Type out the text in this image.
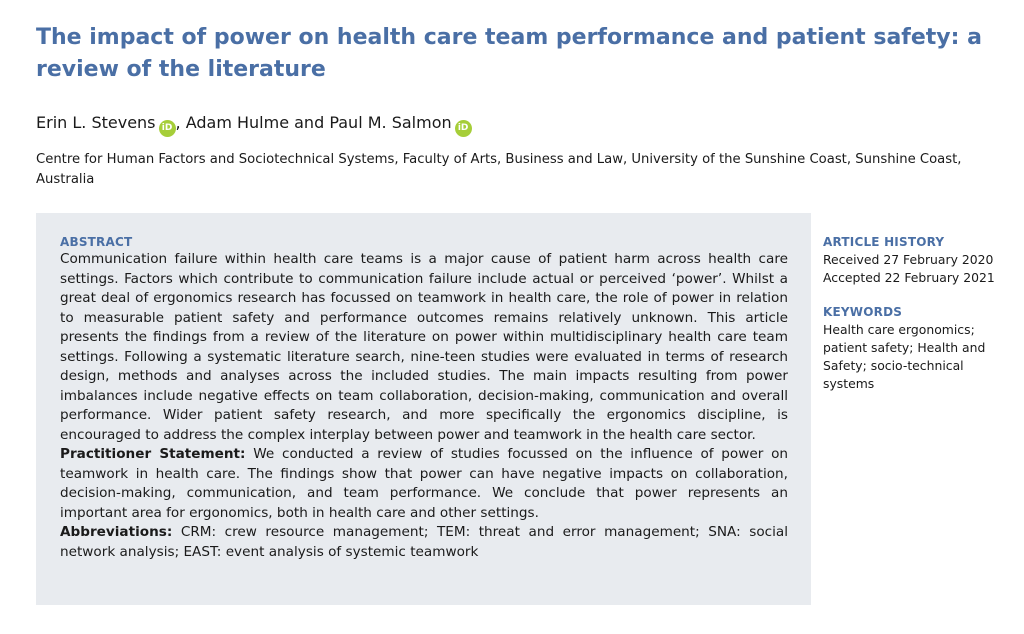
The impact of power on health care team performance and patient safety: a review of the literature
Erin L. Stevens iD , Adam Hulme and Paul M. Salmon iD
Centre for Human Factors and Sociotechnical Systems, Faculty of Arts, Business and Law, University of the Sunshine Coast, Sunshine Coast, Australia
ABSTRACT

Communication failure within health care teams is a major cause of patient harm across health care settings. Factors which contribute to communication failure include actual or perceived ‘power’. Whilst a great deal of ergonomics research has focussed on teamwork in health care, the role of power in relation to measurable patient safety and performance outcomes remains relatively unknown. This article presents the findings from a review of the literature on power within multidisciplinary health care team settings. Following a systematic literature search, nine-teen studies were evaluated in terms of research design, methods and analyses across the included studies. The main impacts resulting from power imbalances include negative effects on team collaboration, decision-making, communication and overall performance. Wider patient safety research, and more specifically the ergonomics discipline, is encouraged to address the complex interplay between power and teamwork in the health care sector.

Practitioner Statement: We conducted a review of studies focussed on the influence of power on teamwork in health care. The findings show that power can have negative impacts on collaboration, decision-making, communication, and team performance. We conclude that power represents an important area for ergonomics, both in health care and other settings.

Abbreviations: CRM: crew resource management; TEM: threat and error management; SNA: social network analysis; EAST: event analysis of systemic teamwork

ARTICLE HISTORY
Received 27 February 2020
Accepted 22 February 2021
KEYWORDS
Health care ergonomics; patient safety; Health and Safety; socio-technical systems
